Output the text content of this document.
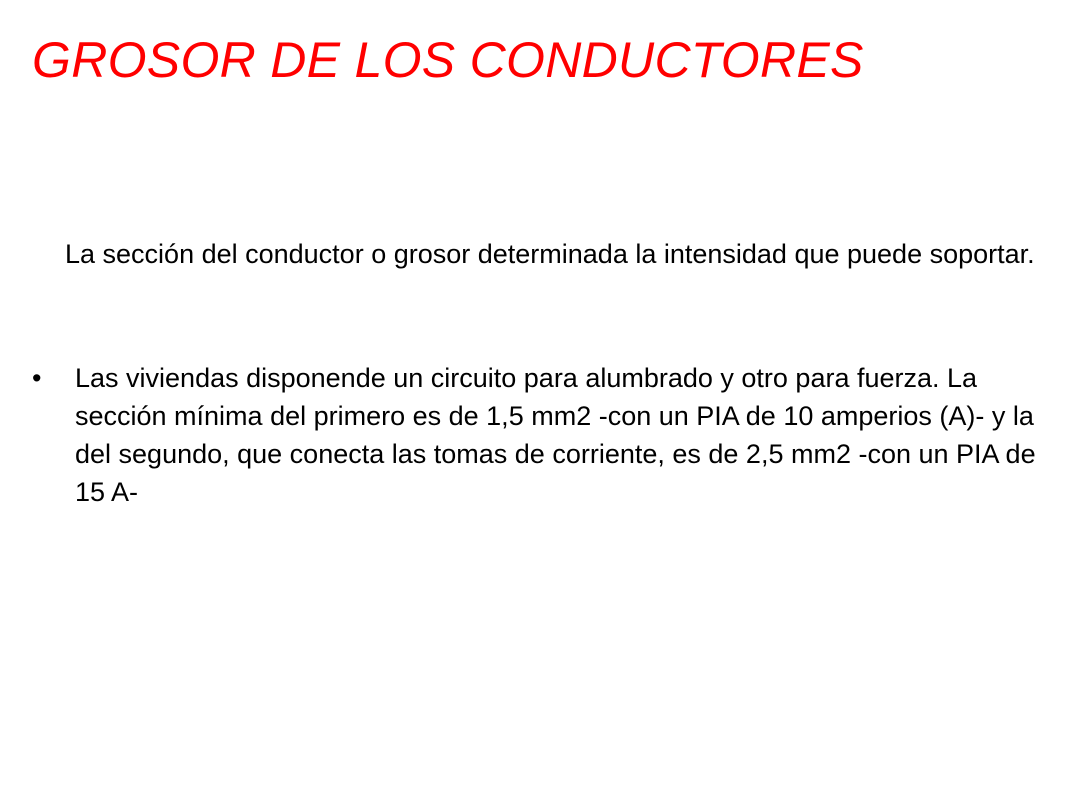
GROSOR DE LOS CONDUCTORES

La sección del conductor o grosor determinada la intensidad que puede soportar.

• Las viviendas disponende un circuito para alumbrado y otro para fuerza. La sección mínima del primero es de 1,5 mm2 -con un PIA de 10 amperios (A)- y la del segundo, que conecta las tomas de corriente, es de 2,5 mm2 -con un PIA de 15 A-
